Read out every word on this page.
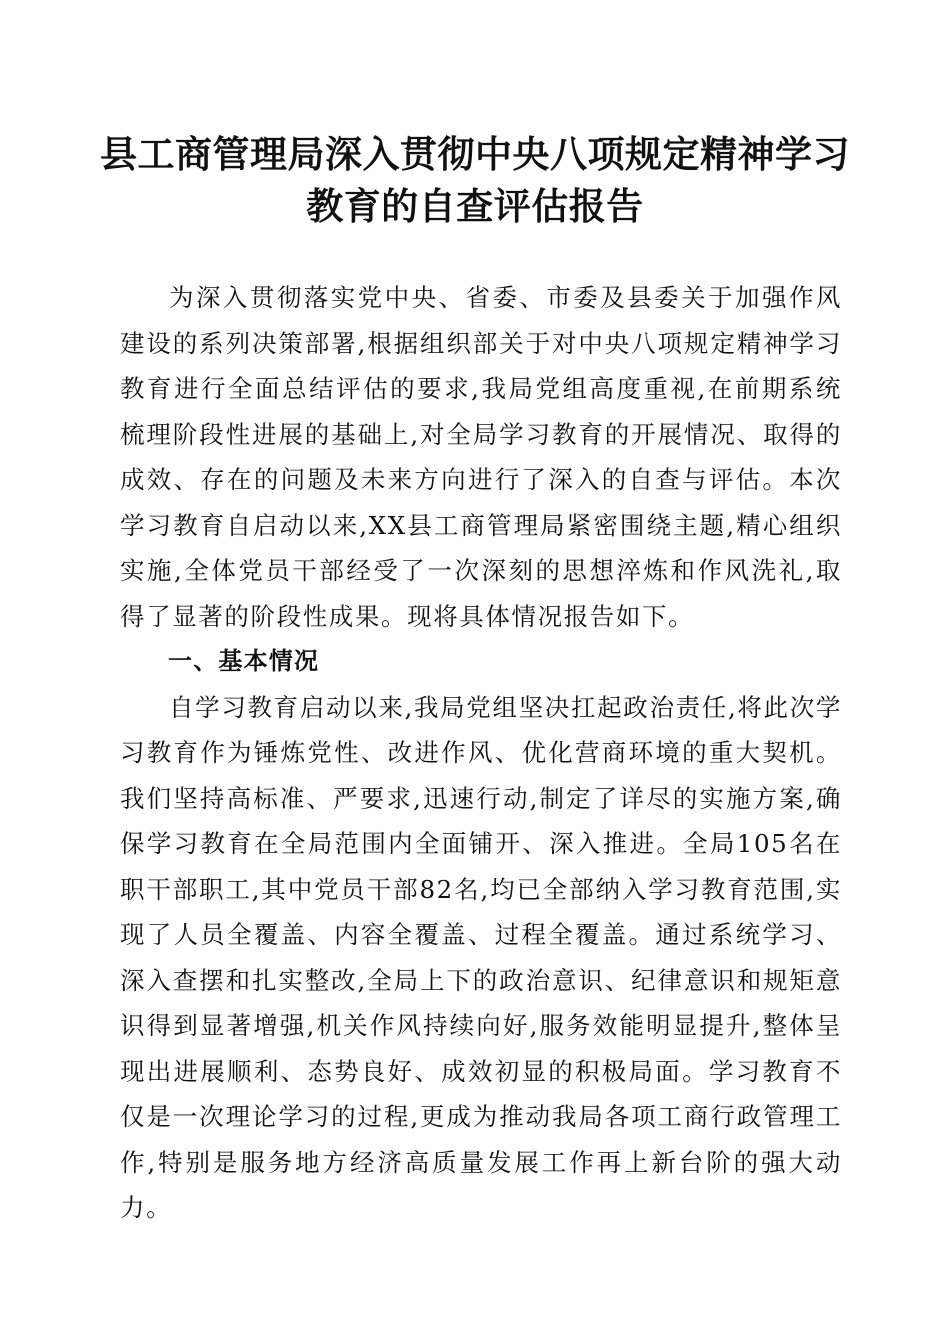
县工商管理局深入贯彻中央八项规定精神学习
教育的自查评估报告

为深入贯彻落实党中央、省委、市委及县委关于加强作风建设的系列决策部署,根据组织部关于对中央八项规定精神学习教育进行全面总结评估的要求,我局党组高度重视,在前期系统梳理阶段性进展的基础上,对全局学习教育的开展情况、取得的成效、存在的问题及未来方向进行了深入的自查与评估。本次学习教育自启动以来,XX县工商管理局紧密围绕主题,精心组织实施,全体党员干部经受了一次深刻的思想淬炼和作风洗礼,取得了显著的阶段性成果。现将具体情况报告如下。

一、基本情况

自学习教育启动以来,我局党组坚决扛起政治责任,将此次学习教育作为锤炼党性、改进作风、优化营商环境的重大契机。我们坚持高标准、严要求,迅速行动,制定了详尽的实施方案,确保学习教育在全局范围内全面铺开、深入推进。全局105名在职干部职工,其中党员干部82名,均已全部纳入学习教育范围,实现了人员全覆盖、内容全覆盖、过程全覆盖。通过系统学习、深入查摆和扎实整改,全局上下的政治意识、纪律意识和规矩意识得到显著增强,机关作风持续向好,服务效能明显提升,整体呈现出进展顺利、态势良好、成效初显的积极局面。学习教育不仅是一次理论学习的过程,更成为推动我局各项工商行政管理工作,特别是服务地方经济高质量发展工作再上新台阶的强大动力。
